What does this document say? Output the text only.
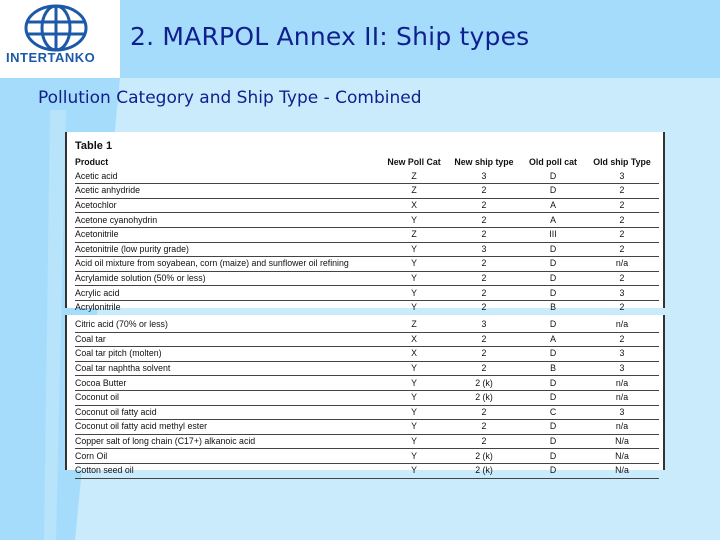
INTERTANKO
2. MARPOL Annex II: Ship types
Pollution Category and Ship Type - Combined
Table 1
Product	New Poll Cat	New ship type	Old poll cat	Old ship Type
Acetic acid	Z	3	D	3
Acetic anhydride	Z	2	D	2
Acetochlor	X	2	A	2
Acetone cyanohydrin	Y	2	A	2
Acetonitrile	Z	2	III	2
Acetonitrile (low purity grade)	Y	3	D	2
Acid oil mixture from soyabean, corn (maize) and sunflower oil refining	Y	2	D	n/a
Acrylamide solution (50% or less)	Y	2	D	2
Acrylic acid	Y	2	D	3
Acrylonitrile	Y	2	B	2
Citric acid (70% or less)	Z	3	D	n/a
Coal tar	X	2	A	2
Coal tar pitch (molten)	X	2	D	3
Coal tar naphtha solvent	Y	2	B	3
Cocoa Butter	Y	2 (k)	D	n/a
Coconut oil	Y	2 (k)	D	n/a
Coconut oil fatty acid	Y	2	C	3
Coconut oil fatty acid methyl ester	Y	2	D	n/a
Copper salt of long chain (C17+) alkanoic acid	Y	2	D	N/a
Corn Oil	Y	2 (k)	D	N/a
Cotton seed oil	Y	2 (k)	D	N/a
